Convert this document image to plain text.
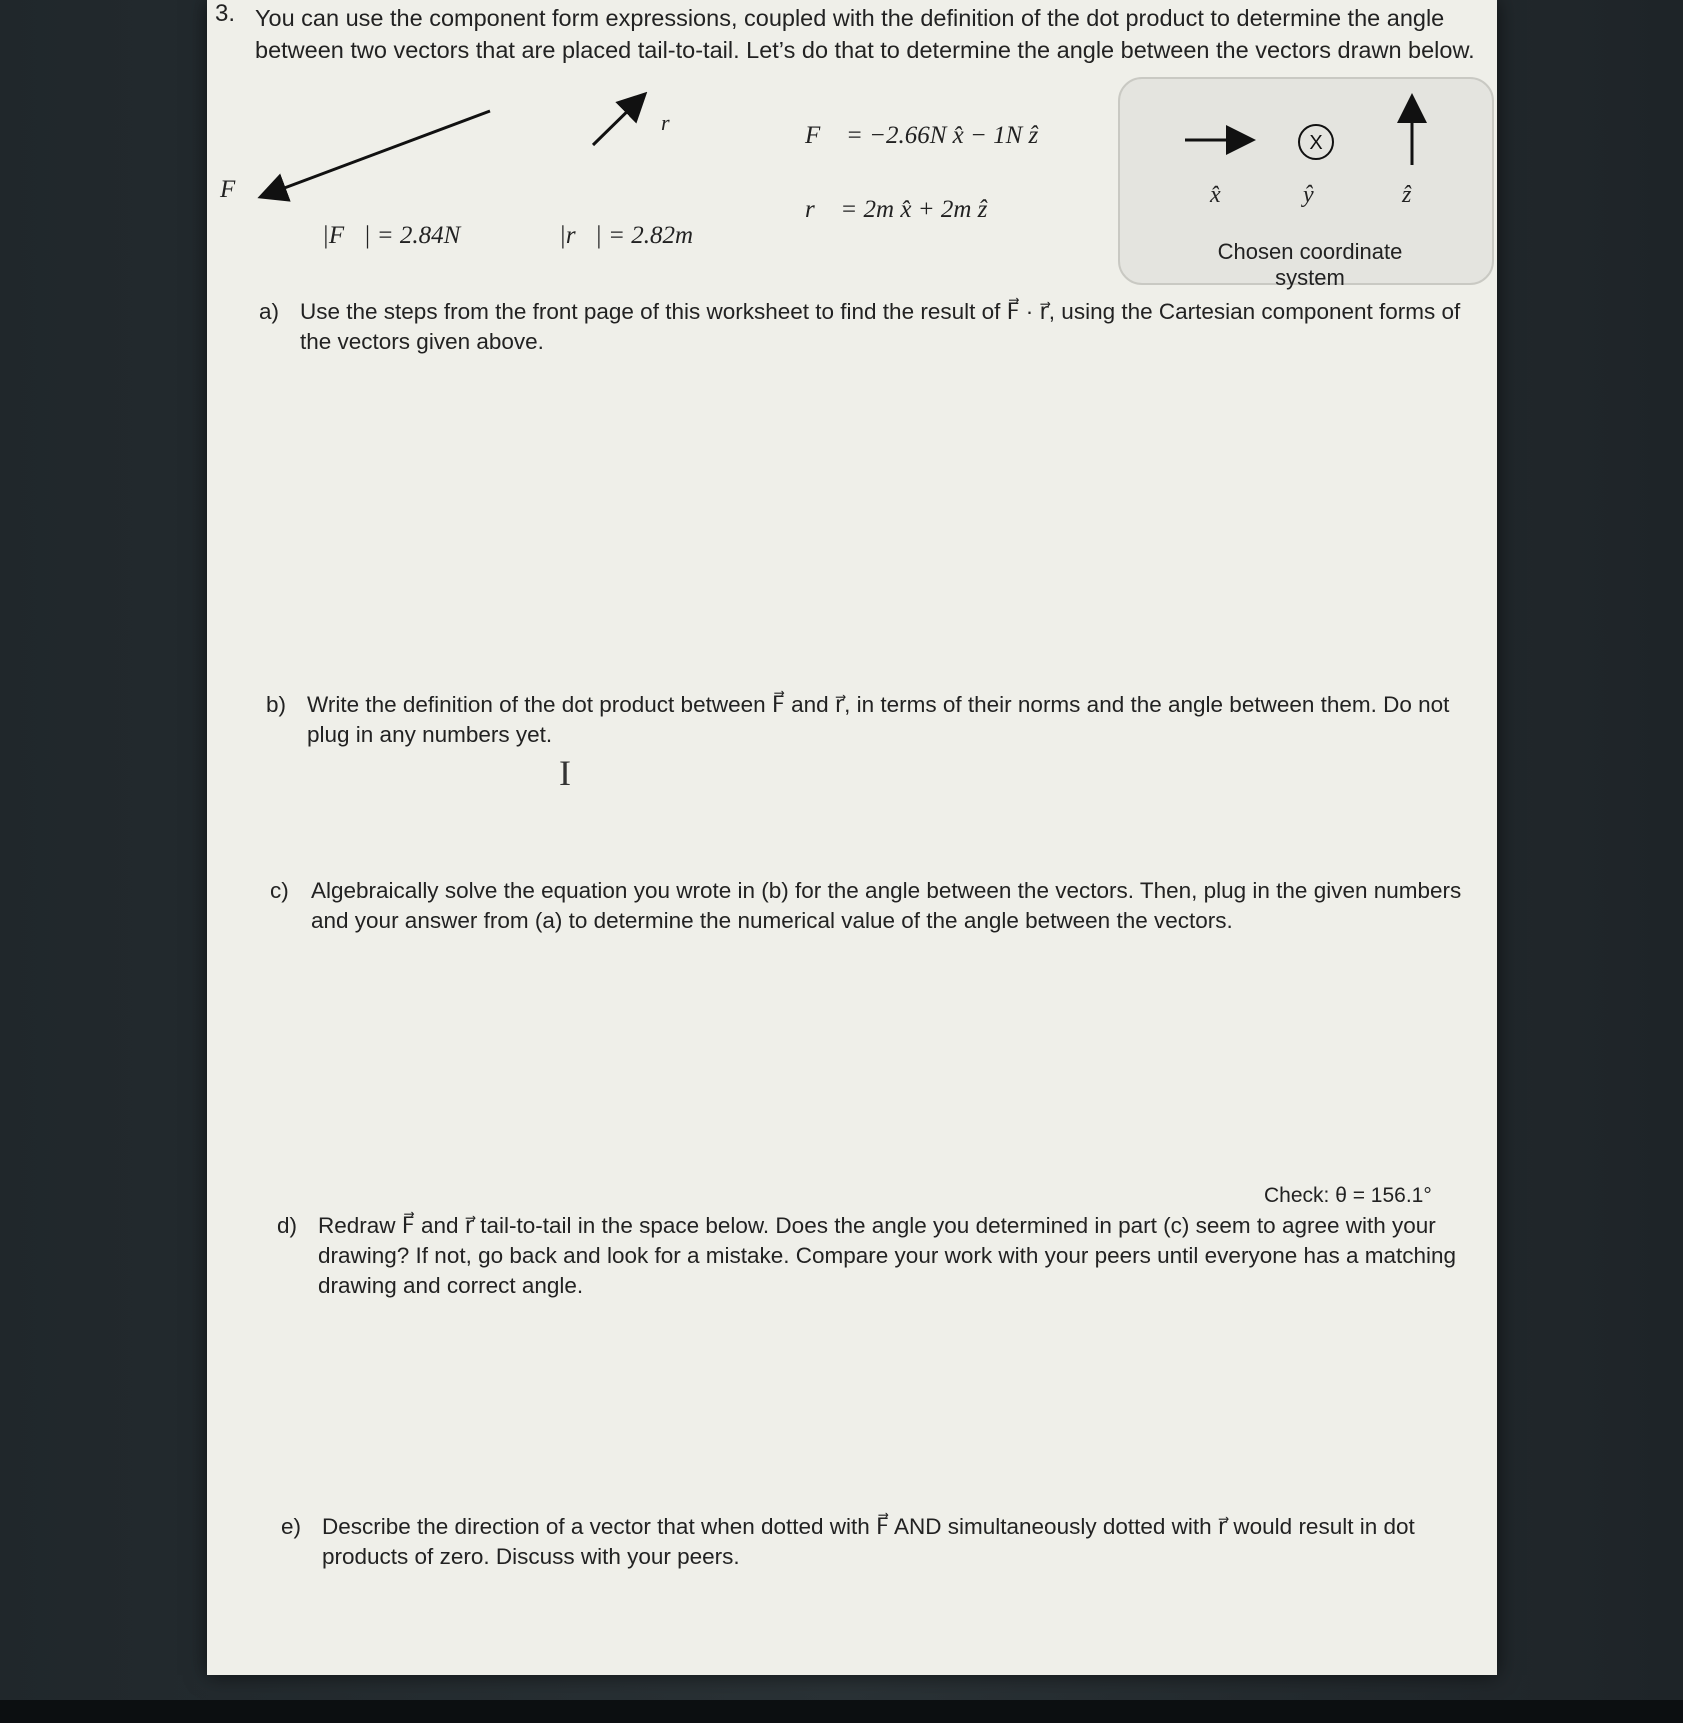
3. You can use the component form expressions, coupled with the definition of the dot product to determine the angle between two vectors that are placed tail-to-tail. Let’s do that to determine the angle between the vectors drawn below.
F⃗
r⃗
|F⃗| = 2.84N	|r⃗| = 2.82m
F⃗ = −2.66N x̂ − 1N ẑ
r⃗ = 2m x̂ + 2m ẑ
X
x̂	ŷ	ẑ
Chosen coordinate system
a) Use the steps from the front page of this worksheet to find the result of F⃗ · r⃗, using the Cartesian component forms of the vectors given above.
b) Write the definition of the dot product between F⃗ and r⃗, in terms of their norms and the angle between them. Do not plug in any numbers yet.
I
c) Algebraically solve the equation you wrote in (b) for the angle between the vectors. Then, plug in the given numbers and your answer from (a) to determine the numerical value of the angle between the vectors.
Check: θ = 156.1°
d) Redraw F⃗ and r⃗ tail-to-tail in the space below. Does the angle you determined in part (c) seem to agree with your drawing? If not, go back and look for a mistake. Compare your work with your peers until everyone has a matching drawing and correct angle.
e) Describe the direction of a vector that when dotted with F⃗ AND simultaneously dotted with r⃗ would result in dot products of zero. Discuss with your peers.
